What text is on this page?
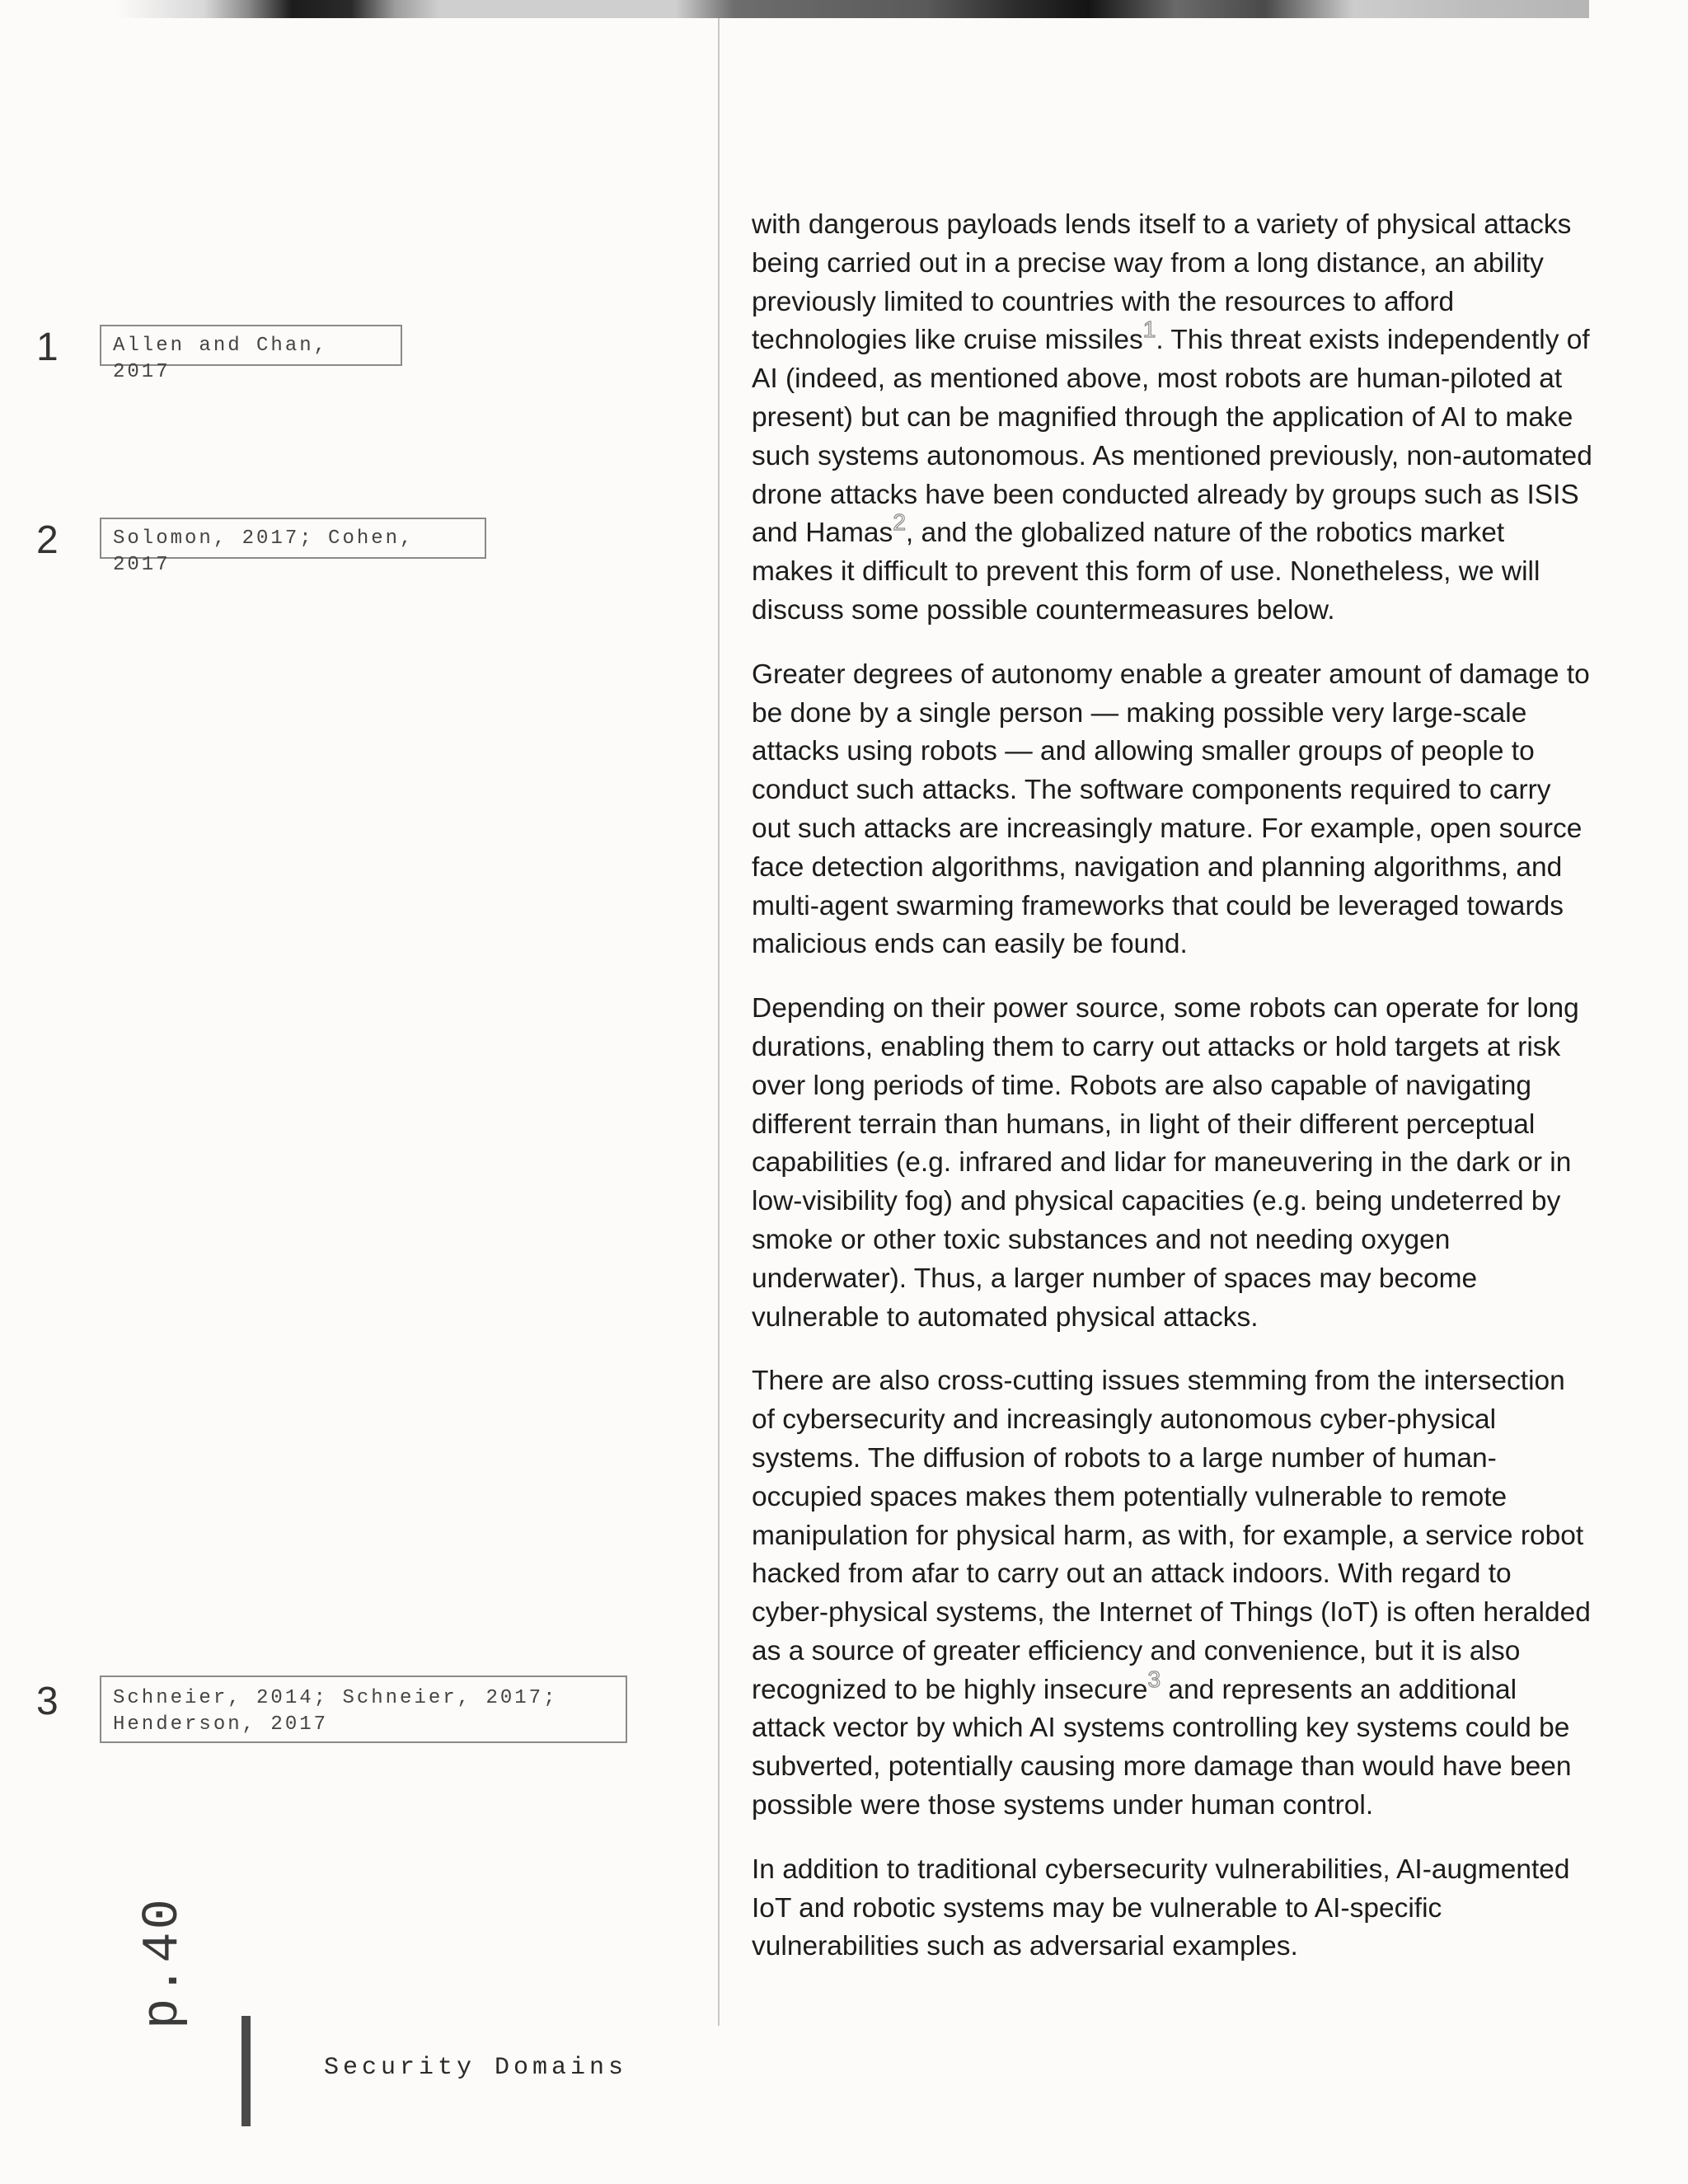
1	Allen and Chan, 2017
2	Solomon, 2017; Cohen, 2017
3	Schneier, 2014; Schneier, 2017;
Henderson, 2017

with dangerous payloads lends itself to a variety of physical attacks being carried out in a precise way from a long distance, an ability previously limited to countries with the resources to afford technologies like cruise missiles$^1$. This threat exists independently of AI (indeed, as mentioned above, most robots are human-piloted at present) but can be magnified through the application of AI to make such systems autonomous. As mentioned previously, non-automated drone attacks have been conducted already by groups such as ISIS and Hamas$^2$, and the globalized nature of the robotics market makes it difficult to prevent this form of use. Nonetheless, we will discuss some possible countermeasures below.

Greater degrees of autonomy enable a greater amount of damage to be done by a single person — making possible very large-scale attacks using robots — and allowing smaller groups of people to conduct such attacks. The software components required to carry out such attacks are increasingly mature. For example, open source face detection algorithms, navigation and planning algorithms, and multi-agent swarming frameworks that could be leveraged towards malicious ends can easily be found.

Depending on their power source, some robots can operate for long durations, enabling them to carry out attacks or hold targets at risk over long periods of time. Robots are also capable of navigating different terrain than humans, in light of their different perceptual capabilities (e.g. infrared and lidar for maneuvering in the dark or in low-visibility fog) and physical capacities (e.g. being undeterred by smoke or other toxic substances and not needing oxygen underwater). Thus, a larger number of spaces may become vulnerable to automated physical attacks.

There are also cross-cutting issues stemming from the intersection of cybersecurity and increasingly autonomous cyber-physical systems. The diffusion of robots to a large number of human-occupied spaces makes them potentially vulnerable to remote manipulation for physical harm, as with, for example, a service robot hacked from afar to carry out an attack indoors. With regard to cyber-physical systems, the Internet of Things (IoT) is often heralded as a source of greater efficiency and convenience, but it is also recognized to be highly insecure$^3$ and represents an additional attack vector by which AI systems controlling key systems could be subverted, potentially causing more damage than would have been possible were those systems under human control.

In addition to traditional cybersecurity vulnerabilities, AI-augmented IoT and robotic systems may be vulnerable to AI-specific vulnerabilities such as adversarial examples.

p.40
Security Domains
